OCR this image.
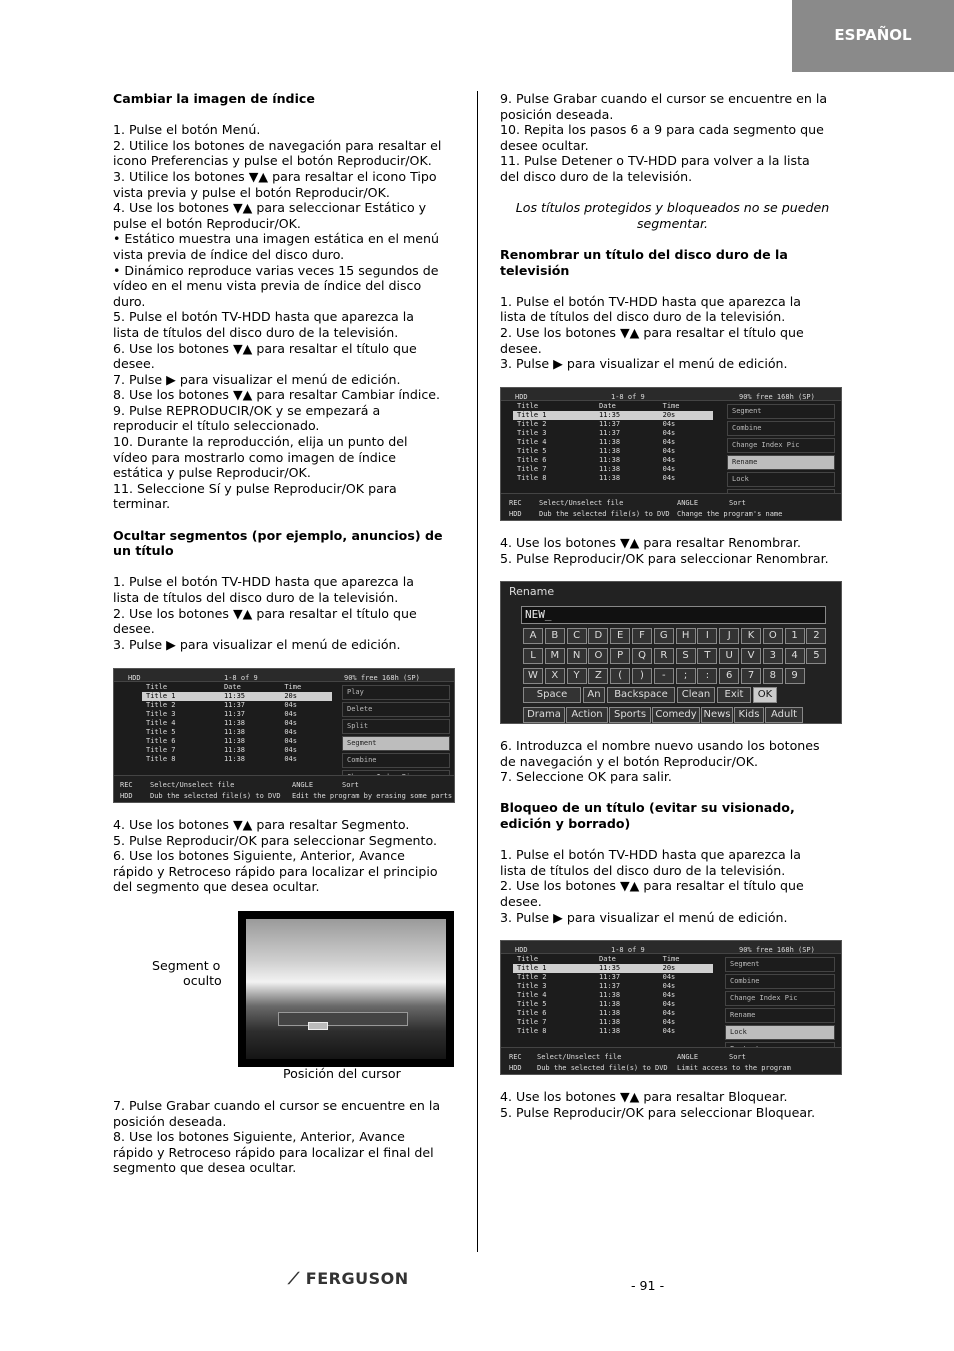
ESPAÑOL

Cambiar la imagen de índice

1. Pulse el botón Menú.

2. Utilice los botones de navegación para resaltar el

icono Preferencias y pulse el botón Reproducir/OK.

3. Utilice los botones ▼▲ para resaltar el icono Tipo

vista previa y pulse el botón Reproducir/OK.

4. Use los botones ▼▲ para seleccionar Estático y

pulse el botón Reproducir/OK.

• Estático muestra una imagen estática en el menú

vista previa de índice del disco duro.

• Dinámico reproduce varias veces 15 segundos de

vídeo en el menu vista previa de índice del disco

duro.

5. Pulse el botón TV-HDD hasta que aparezca la

lista de títulos del disco duro de la televisión.

6. Use los botones ▼▲ para resaltar el título que

desee.

7. Pulse ▶ para visualizar el menú de edición.

8. Use los botones ▼▲ para resaltar Cambiar índice.

9. Pulse REPRODUCIR/OK y se empezará a

reproducir el título seleccionado.

10. Durante la reproducción, elija un punto del

vídeo para mostrarlo como imagen de índice

estática y pulse Reproducir/OK.

11. Seleccione Sí y pulse Reproducir/OK para

terminar.

Ocultar segmentos (por ejemplo, anuncios) de

un título

1. Pulse el botón TV-HDD hasta que aparezca la

lista de títulos del disco duro de la televisión.

2. Use los botones ▼▲ para resaltar el título que

desee.

3. Pulse ▶ para visualizar el menú de edición.

4. Use los botones ▼▲ para resaltar Segmento.

5. Pulse Reproducir/OK para seleccionar Segmento.

6. Use los botones Siguiente, Anterior, Avance

rápido y Retroceso rápido para localizar el principio

del segmento que desea ocultar.

7. Pulse Grabar cuando el cursor se encuentre en la

posición deseada.

8. Use los botones Siguiente, Anterior, Avance

rápido y Retroceso rápido para localizar el final del

segmento que desea ocultar.

HDD	1-8 of 9	90% free 168h (SP)
Title	Date	Time
Title 1	11:35	20s
Title 2	11:37	04s
Title 3	11:37	04s
Title 4	11:38	04s
Title 5	11:38	04s
Title 6	11:38	04s
Title 7	11:38	04s
Title 8	11:38	04s
Play
Delete
Split
Segment
Combine
REC
HDD
Select/Unselect file
Dub the selected file(s) to DVD
ANGLE	Sort
Edit the program by erasing some parts
Segment o
oculto
Posición del cursor

9. Pulse Grabar cuando el cursor se encuentre en la

posición deseada.

10. Repita los pasos 6 a 9 para cada segmento que

desee ocultar.

11. Pulse Detener o TV-HDD para volver a la lista

del disco duro de la televisión.

Los títulos protegidos y bloqueados no se pueden

segmentar.

Renombrar un título del disco duro de la

televisión

1. Pulse el botón TV-HDD hasta que aparezca la

lista de títulos del disco duro de la televisión.

2. Use los botones ▼▲ para resaltar el título que

desee.

3. Pulse ▶ para visualizar el menú de edición.

4. Use los botones ▼▲ para resaltar Renombrar.

5. Pulse Reproducir/OK para seleccionar Renombrar.

6. Introduzca el nombre nuevo usando los botones

de navegación y el botón Reproducir/OK.

7. Seleccione OK para salir.

Bloqueo de un título (evitar su visionado,

edición y borrado)

1. Pulse el botón TV-HDD hasta que aparezca la

lista de títulos del disco duro de la televisión.

2. Use los botones ▼▲ para resaltar el título que

desee.

3. Pulse ▶ para visualizar el menú de edición.

4. Use los botones ▼▲ para resaltar Bloquear.

5. Pulse Reproducir/OK para seleccionar Bloquear.

HDD	1-8 of 9	90% free 168h (SP)
Title	Date	Time
Title 1	11:35	20s
Title 2	11:37	04s
Title 3	11:37	04s
Title 4	11:38	04s
Title 5	11:38	04s
Title 6	11:38	04s
Title 7	11:38	04s
Title 8	11:38	04s
Segment
Combine
Change Index Pic
Rename
Lock
REC
HDD
Select/Unselect file
Dub the selected file(s) to DVD
ANGLE	Sort
Change the program's name
Rename
NEW_
A	B	C	D	E	F	G	H	I	J	K	O	1	2
L	M	N	O	P	Q	R	S	T	U	V	3	4	5
W	X	Y	Z	(	)	-	;	:	6	7	8	9
Space	An	Backspace	Clean	Exit	OK
Drama	Action	Sports Comedy News Kids	Adult
HDD	1-8 of 9	90% free 168h (SP)
Title	Date	Time
Title 1	11:35	20s
Title 2	11:37	04s
Title 3	11:37	04s
Title 4	11:38	04s
Title 5	11:38	04s
Title 6	11:38	04s
Title 7	11:38	04s
Title 8	11:38	04s
Segment
Combine
Change Index Pic
Rename
Lock
REC
HDD
Select/Unselect file
Dub the selected file(s) to DVD
ANGLE	Sort
Limit access to the program
⟋ FERGUSON	- 91 -
